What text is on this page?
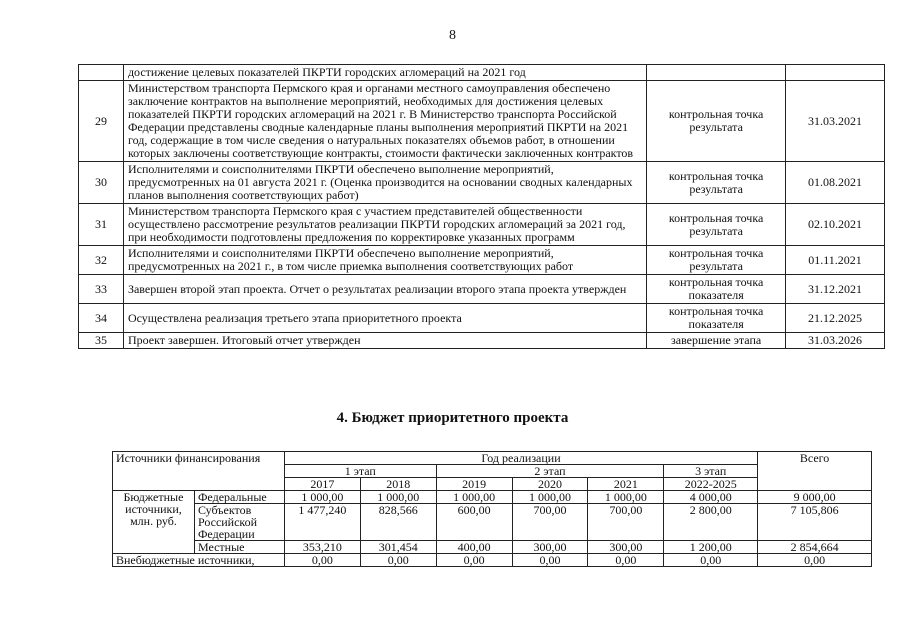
8
	достижение целевых показателей ПКРТИ городских агломераций на 2021 год		
29	Министерством транспорта Пермского края и органами местного самоуправления обеспечено заключение контрактов на выполнение мероприятий, необходимых для достижения целевых показателей ПКРТИ городских агломераций на 2021 г. В Министерство транспорта Российской Федерации представлены сводные календарные планы выполнения мероприятий ПКРТИ на 2021 год, содержащие в том числе сведения о натуральных показателях объемов работ, в отношении которых заключены соответствующие контракты, стоимости фактически заключенных контрактов	контрольная точка результата	31.03.2021
30	Исполнителями и соисполнителями ПКРТИ обеспечено выполнение мероприятий, предусмотренных на 01 августа 2021 г. (Оценка производится на основании сводных календарных планов выполнения соответствующих работ)	контрольная точка результата	01.08.2021
31	Министерством транспорта Пермского края с участием представителей общественности осуществлено рассмотрение результатов реализации ПКРТИ городских агломераций за 2021 год, при необходимости подготовлены предложения по корректировке указанных программ	контрольная точка результата	02.10.2021
32	Исполнителями и соисполнителями ПКРТИ обеспечено выполнение мероприятий, предусмотренных на 2021 г., в том числе приемка выполнения соответствующих работ	контрольная точка результата	01.11.2021
33	Завершен второй этап проекта. Отчет о результатах реализации второго этапа проекта утвержден	контрольная точка показателя	31.12.2021
34	Осуществлена реализация третьего этапа приоритетного проекта	контрольная точка показателя	21.12.2025
35	Проект завершен. Итоговый отчет утвержден	завершение этапа	31.03.2026
4. Бюджет приоритетного проекта
Источники финансирования		Год реализации						Всего
		1 этап		2 этап			3 этап	
		2017	2018	2019	2020	2021	2022-2025	
Бюджетные источники, млн. руб.	Федеральные	1 000,00	1 000,00	1 000,00	1 000,00	1 000,00	4 000,00	9 000,00
	Субъектов Российской Федерации	1 477,240	828,566	600,00	700,00	700,00	2 800,00	7 105,806
	Местные	353,210	301,454	400,00	300,00	300,00	1 200,00	2 854,664
Внебюджетные источники,		0,00	0,00	0,00	0,00	0,00	0,00	0,00
